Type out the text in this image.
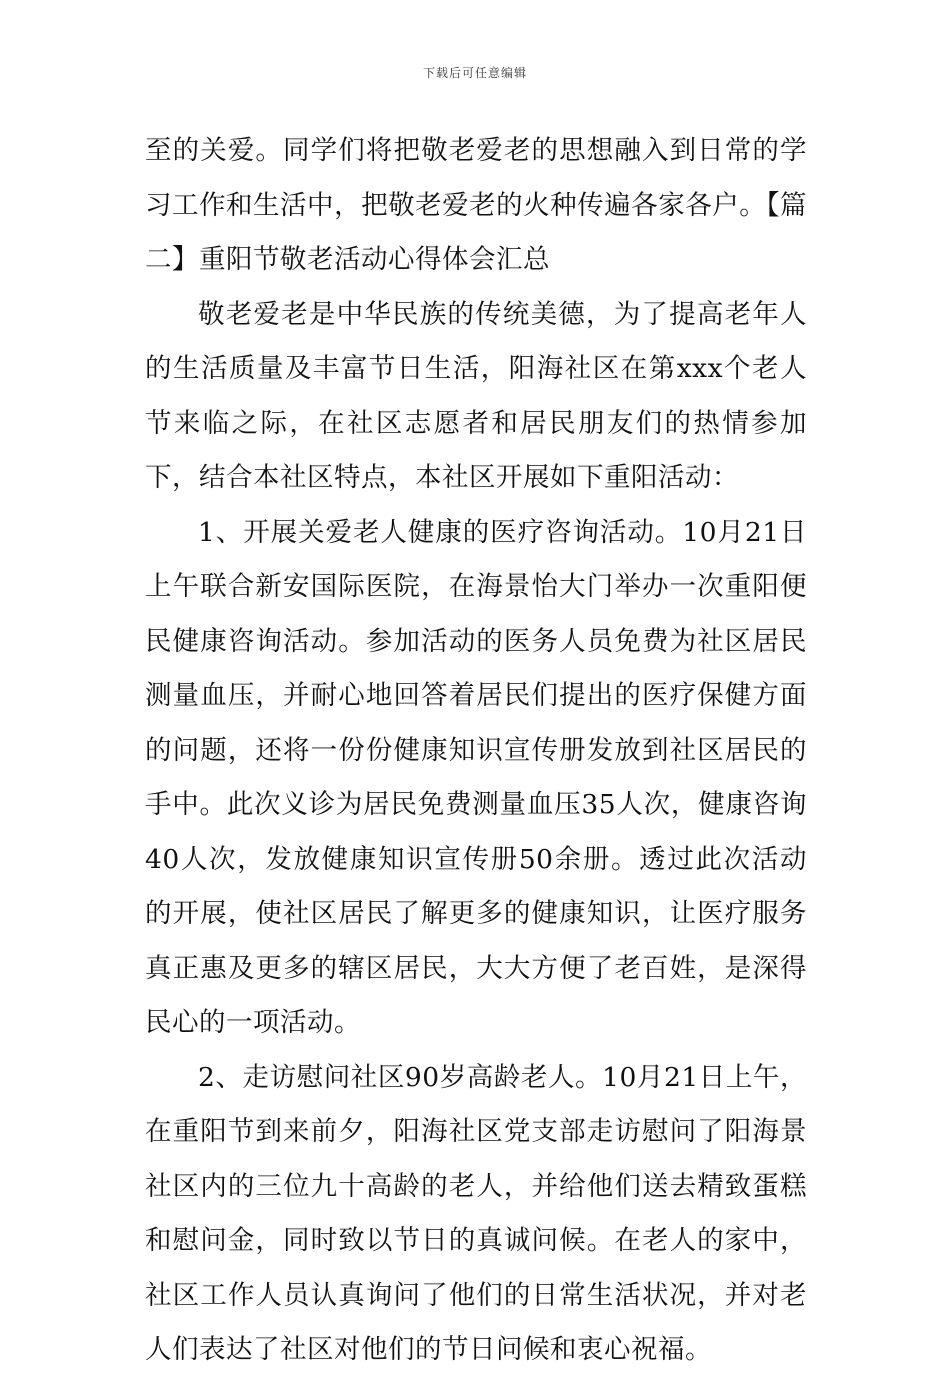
下载后可任意编辑

至的关爱。同学们将把敬老爱老的思想融入到日常的学习工作和生活中，把敬老爱老的火种传遍各家各户。【篇二】重阳节敬老活动心得体会汇总

敬老爱老是中华民族的传统美德，为了提高老年人的生活质量及丰富节日生活，阳海社区在第xxx个老人节来临之际，在社区志愿者和居民朋友们的热情参加下，结合本社区特点，本社区开展如下重阳活动：

1、开展关爱老人健康的医疗咨询活动。10月21日上午联合新安国际医院，在海景怡大门举办一次重阳便民健康咨询活动。参加活动的医务人员免费为社区居民测量血压，并耐心地回答着居民们提出的医疗保健方面的问题，还将一份份健康知识宣传册发放到社区居民的手中。此次义诊为居民免费测量血压35人次，健康咨询40人次，发放健康知识宣传册50余册。透过此次活动的开展，使社区居民了解更多的健康知识，让医疗服务真正惠及更多的辖区居民，大大方便了老百姓，是深得民心的一项活动。

2、走访慰问社区90岁高龄老人。10月21日上午，在重阳节到来前夕，阳海社区党支部走访慰问了阳海景社区内的三位九十高龄的老人，并给他们送去精致蛋糕和慰问金，同时致以节日的真诚问候。在老人的家中，社区工作人员认真询问了他们的日常生活状况，并对老人们表达了社区对他们的节日问候和衷心祝福。
